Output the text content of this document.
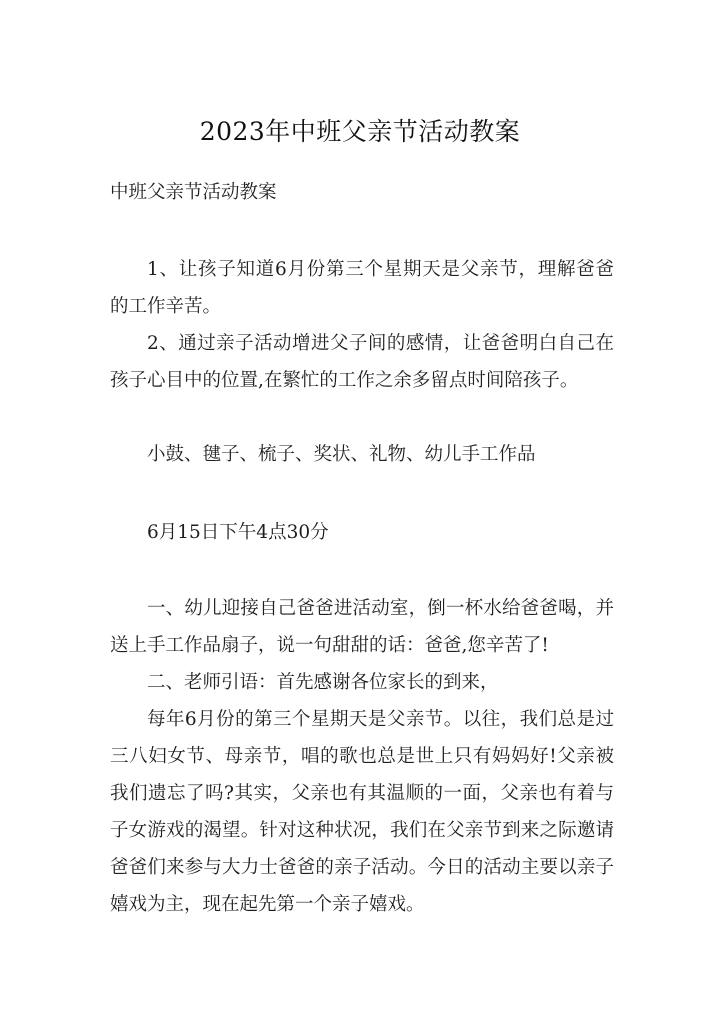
2023年中班父亲节活动教案

中班父亲节活动教案

1、让孩子知道6月份第三个星期天是父亲节，理解爸爸的工作辛苦。

2、通过亲子活动增进父子间的感情，让爸爸明白自己在孩子心目中的位置,在繁忙的工作之余多留点时间陪孩子。

小鼓、毽子、梳子、奖状、礼物、幼儿手工作品

6月15日下午4点30分

一、幼儿迎接自己爸爸进活动室，倒一杯水给爸爸喝，并送上手工作品扇子，说一句甜甜的话：爸爸,您辛苦了!

二、老师引语：首先感谢各位家长的到来，

每年6月份的第三个星期天是父亲节。以往，我们总是过三八妇女节、母亲节，唱的歌也总是世上只有妈妈好!父亲被我们遗忘了吗?其实，父亲也有其温顺的一面，父亲也有着与子女游戏的渴望。针对这种状况，我们在父亲节到来之际邀请爸爸们来参与大力士爸爸的亲子活动。今日的活动主要以亲子嬉戏为主，现在起先第一个亲子嬉戏。
